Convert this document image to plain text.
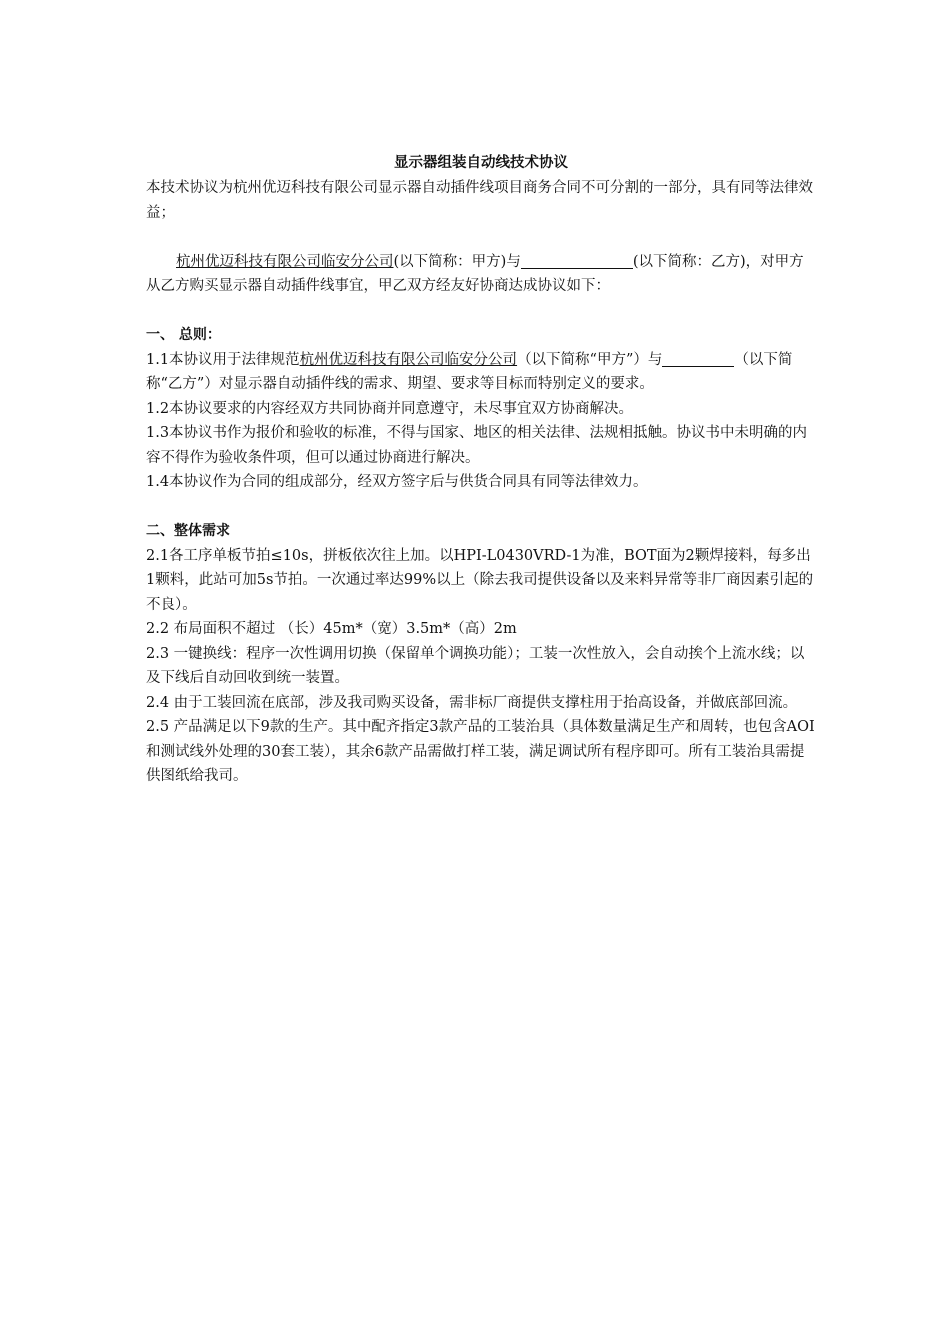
显示器组装自动线技术协议

本技术协议为杭州优迈科技有限公司显示器自动插件线项目商务合同不可分割的一部分，具有同等法律效益；

杭州优迈科技有限公司临安分公司(以下简称：甲方)与	(以下简称：乙方)，对甲方从乙方购买显示器自动插件线事宜，甲乙双方经友好协商达成协议如下：

一、 总则：

1.1本协议用于法律规范杭州优迈科技有限公司临安分公司（以下简称“甲方”）与	（以下简称“乙方”）对显示器自动插件线的需求、期望、要求等目标而特别定义的要求。

1.2本协议要求的内容经双方共同协商并同意遵守，未尽事宜双方协商解决。

1.3本协议书作为报价和验收的标准，不得与国家、地区的相关法律、法规相抵触。协议书中未明确的内容不得作为验收条件项，但可以通过协商进行解决。

1.4本协议作为合同的组成部分，经双方签字后与供货合同具有同等法律效力。

二、整体需求

2.1各工序单板节拍≤10s，拼板依次往上加。以HPI-L0430VRD-1为准，BOT面为2颗焊接料，每多出1颗料，此站可加5s节拍。一次通过率达99%以上（除去我司提供设备以及来料异常等非厂商因素引起的不良）。

2.2 布局面积不超过 （长）45m*（宽）3.5m*（高）2m

2.3 一键换线：程序一次性调用切换（保留单个调换功能）；工装一次性放入，会自动挨个上流水线；以及下线后自动回收到统一装置。

2.4 由于工装回流在底部，涉及我司购买设备，需非标厂商提供支撑柱用于抬高设备，并做底部回流。

2.5 产品满足以下9款的生产。其中配齐指定3款产品的工装治具（具体数量满足生产和周转，也包含AOI和测试线外处理的30套工装），其余6款产品需做打样工装，满足调试所有程序即可。所有工装治具需提供图纸给我司。
